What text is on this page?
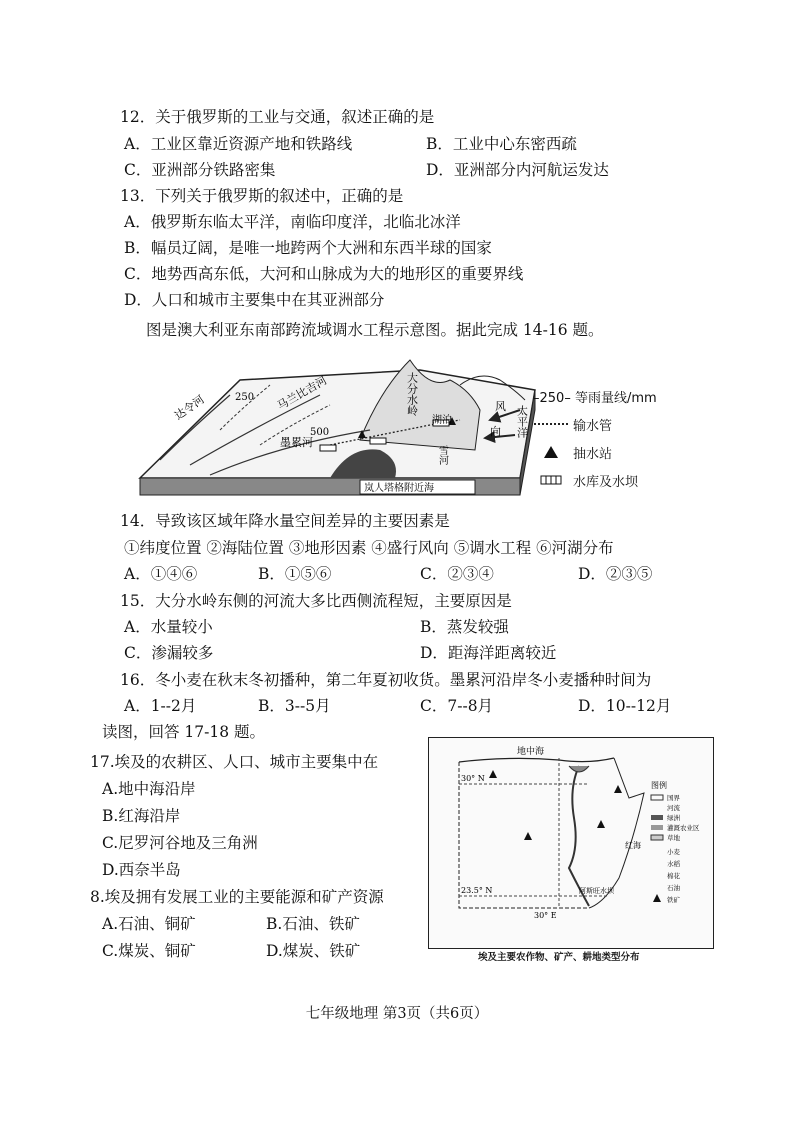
12．关于俄罗斯的工业与交通，叙述正确的是
A．工业区靠近资源产地和铁路线	B．工业中心东密西疏
C．亚洲部分铁路密集	D．亚洲部分内河航运发达
13．下列关于俄罗斯的叙述中，正确的是
A．俄罗斯东临太平洋，南临印度洋，北临北冰洋
B．幅员辽阔，是唯一地跨两个大洲和东西半球的国家
C．地势西高东低，大河和山脉成为大的地形区的重要界线
D．人口和城市主要集中在其亚洲部分
图是澳大利亚东南部跨流域调水工程示意图。据此完成 14-16 题。
达令河	250 马兰比吉河
500
墨累河
大分水岭
湖泊
雪河
风
向 太平洋
岚人塔格附近海
–250– 等雨量线/mm
输水管
抽水站
水库及水坝
14．导致该区域年降水量空间差异的主要因素是
①纬度位置 ②海陆位置 ③地形因素 ④盛行风向 ⑤调水工程 ⑥河湖分布
A．①④⑥	B．①⑤⑥	C．②③④	D．②③⑤
15．大分水岭东侧的河流大多比西侧流程短，主要原因是
A．水量较小	B．蒸发较强
C．渗漏较多	D．距海洋距离较近
16．冬小麦在秋末冬初播种，第二年夏初收货。墨累河沿岸冬小麦播种时间为
A．1--2月	B．3--5月	C．7--8月	D．10--12月
读图，回答 17-18 题。
17.埃及的农耕区、人口、城市主要集中在
A.地中海沿岸
B.红海沿岸
C.尼罗河谷地及三角洲
D.西奈半岛
8.埃及拥有发展工业的主要能源和矿产资源
A.石油、铜矿	B.石油、铁矿
C.煤炭、铜矿	D.煤炭、铁矿
地中海
30° N
23.5° N
30° E
红海
阿斯旺水坝
图例
国界
河流
绿洲
灌溉农业区
草地
小麦
水稻
棉花
石油
铁矿
埃及主要农作物、矿产、耕地类型分布
七年级地理 第3页（共6页）
